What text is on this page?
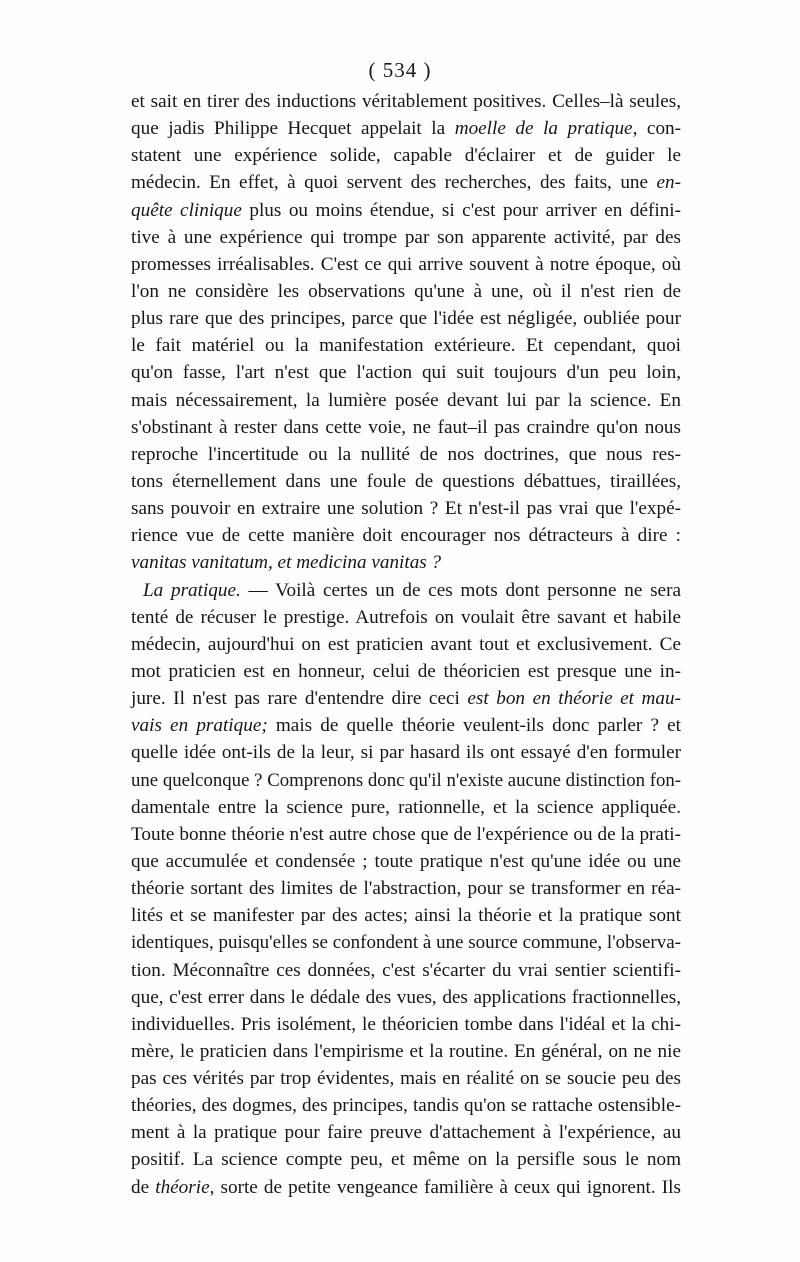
( 534 )
et sait en tirer des inductions véritablement positives. Celles–là seules,
que jadis Philippe Hecquet appelait la moelle de la pratique, con-
statent une expérience solide, capable d'éclairer et de guider le
médecin. En effet, à quoi servent des recherches, des faits, une en-
quête clinique plus ou moins étendue, si c'est pour arriver en défini-
tive à une expérience qui trompe par son apparente activité, par des
promesses irréalisables. C'est ce qui arrive souvent à notre époque, où
l'on ne considère les observations qu'une à une, où il n'est rien de
plus rare que des principes, parce que l'idée est négligée, oubliée pour
le fait matériel ou la manifestation extérieure. Et cependant, quoi
qu'on fasse, l'art n'est que l'action qui suit toujours d'un peu loin,
mais nécessairement, la lumière posée devant lui par la science. En
s'obstinant à rester dans cette voie, ne faut–il pas craindre qu'on nous
reproche l'incertitude ou la nullité de nos doctrines, que nous res-
tons éternellement dans une foule de questions débattues, tiraillées,
sans pouvoir en extraire une solution ? Et n'est-il pas vrai que l'expé-
rience vue de cette manière doit encourager nos détracteurs à dire :
vanitas vanitatum, et medicina vanitas ?
La pratique. — Voilà certes un de ces mots dont personne ne sera
tenté de récuser le prestige. Autrefois on voulait être savant et habile
médecin, aujourd'hui on est praticien avant tout et exclusivement. Ce
mot praticien est en honneur, celui de théoricien est presque une in-
jure. Il n'est pas rare d'entendre dire ceci est bon en théorie et mau-
vais en pratique; mais de quelle théorie veulent-ils donc parler ? et
quelle idée ont-ils de la leur, si par hasard ils ont essayé d'en formuler
une quelconque ? Comprenons donc qu'il n'existe aucune distinction fon-
damentale entre la science pure, rationnelle, et la science appliquée.
Toute bonne théorie n'est autre chose que de l'expérience ou de la prati-
que accumulée et condensée ; toute pratique n'est qu'une idée ou une
théorie sortant des limites de l'abstraction, pour se transformer en réa-
lités et se manifester par des actes; ainsi la théorie et la pratique sont
identiques, puisqu'elles se confondent à une source commune, l'observa-
tion. Méconnaître ces données, c'est s'écarter du vrai sentier scientifi-
que, c'est errer dans le dédale des vues, des applications fractionnelles,
individuelles. Pris isolément, le théoricien tombe dans l'idéal et la chi-
mère, le praticien dans l'empirisme et la routine. En général, on ne nie
pas ces vérités par trop évidentes, mais en réalité on se soucie peu des
théories, des dogmes, des principes, tandis qu'on se rattache ostensible-
ment à la pratique pour faire preuve d'attachement à l'expérience, au
positif. La science compte peu, et même on la persifle sous le nom
de théorie, sorte de petite vengeance familière à ceux qui ignorent. Ils
